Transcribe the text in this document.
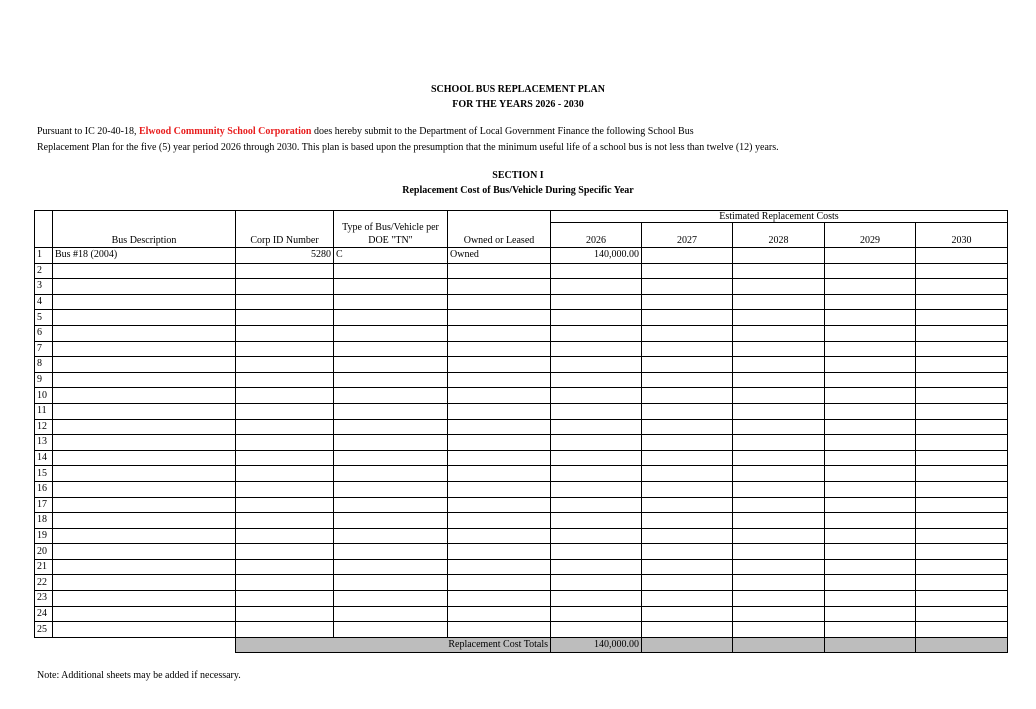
SCHOOL BUS REPLACEMENT PLAN
FOR THE YEARS 2026 - 2030
Pursuant to IC 20-40-18, Elwood Community School Corporation does hereby submit to the Department of Local Government Finance the following School Bus
Replacement Plan for the five (5) year period 2026 through 2030. This plan is based upon the presumption that the minimum useful life of a school bus is not less than twelve (12) years.
SECTION I
Replacement Cost of Bus/Vehicle During Specific Year
	Bus Description	Corp ID Number	Type of Bus/Vehicle per
DOE "TN"	Owned or Leased	Estimated Replacement Costs				
					2026	2027	2028	2029	2030
1	Bus #18 (2004)	5280	C	Owned	140,000.00				
2									
3									
4									
5									
6									
7									
8									
9									
10									
11									
12									
13									
14									
15									
16									
17									
18									
19									
20									
21									
22									
23									
24									
25									
		Replacement Cost Totals			140,000.00				
Note: Additional sheets may be added if necessary.
